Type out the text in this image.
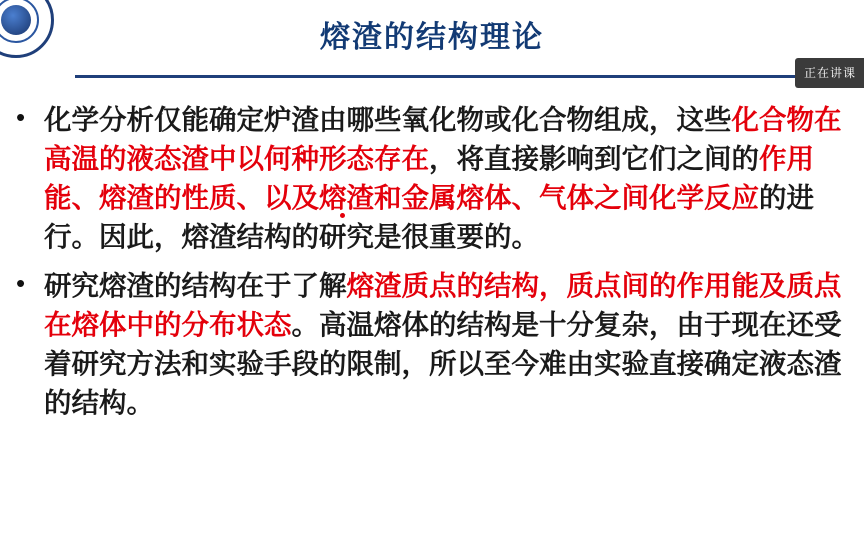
熔渣的结构理论
正在讲课
• 化学分析仅能确定炉渣由哪些氧化物或化合物组成，这些化合物在高温的液态渣中以何种形态存在，将直接影响到它们之间的作用能、熔渣的性质、以及熔渣和金属熔体、气体之间化学反应的进行。因此，熔渣结构的研究是很重要的。
• 研究熔渣的结构在于了解熔渣质点的结构，质点间的作用能及质点在熔体中的分布状态。高温熔体的结构是十分复杂，由于现在还受着研究方法和实验手段的限制，所以至今难由实验直接确定液态渣的结构。
